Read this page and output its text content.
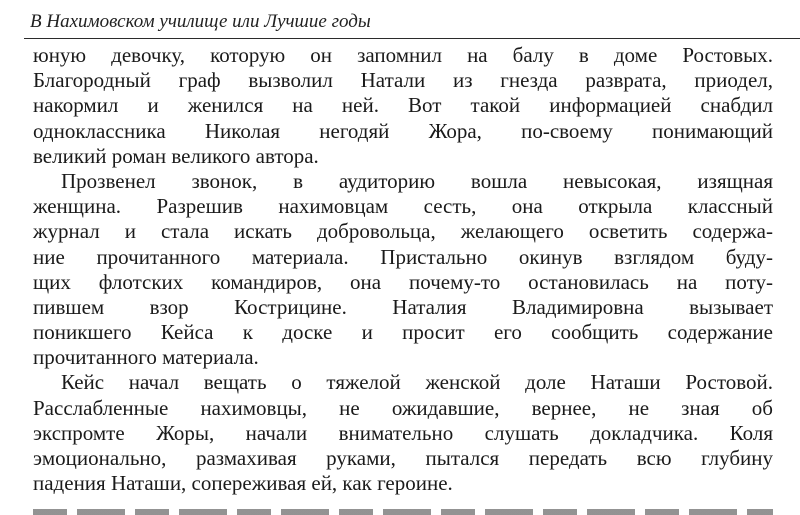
В Нахимовском училище или Лучшие годы
юную девочку, которую он запомнил на балу в доме Ростовых.
Благородный граф вызволил Натали из гнезда разврата, приодел,
накормил и женился на ней. Вот такой информацией снабдил
одноклассника Николая негодяй Жора, по-своему понимающий
великий роман великого автора.
Прозвенел звонок, в аудиторию вошла невысокая, изящная
женщина. Разрешив нахимовцам сесть, она открыла классный
журнал и стала искать добровольца, желающего осветить содержа-
ние прочитанного материала. Пристально окинув взглядом буду-
щих флотских командиров, она почему-то остановилась на поту-
пившем взор Кострицине. Наталия Владимировна вызывает
поникшего Кейса к доске и просит его сообщить содержание
прочитанного материала.
Кейс начал вещать о тяжелой женской доле Наташи Ростовой.
Расслабленные нахимовцы, не ожидавшие, вернее, не зная об
экспромте Жоры, начали внимательно слушать докладчика. Коля
эмоционально, размахивая руками, пытался передать всю глубину
падения Наташи, сопереживая ей, как героине.
